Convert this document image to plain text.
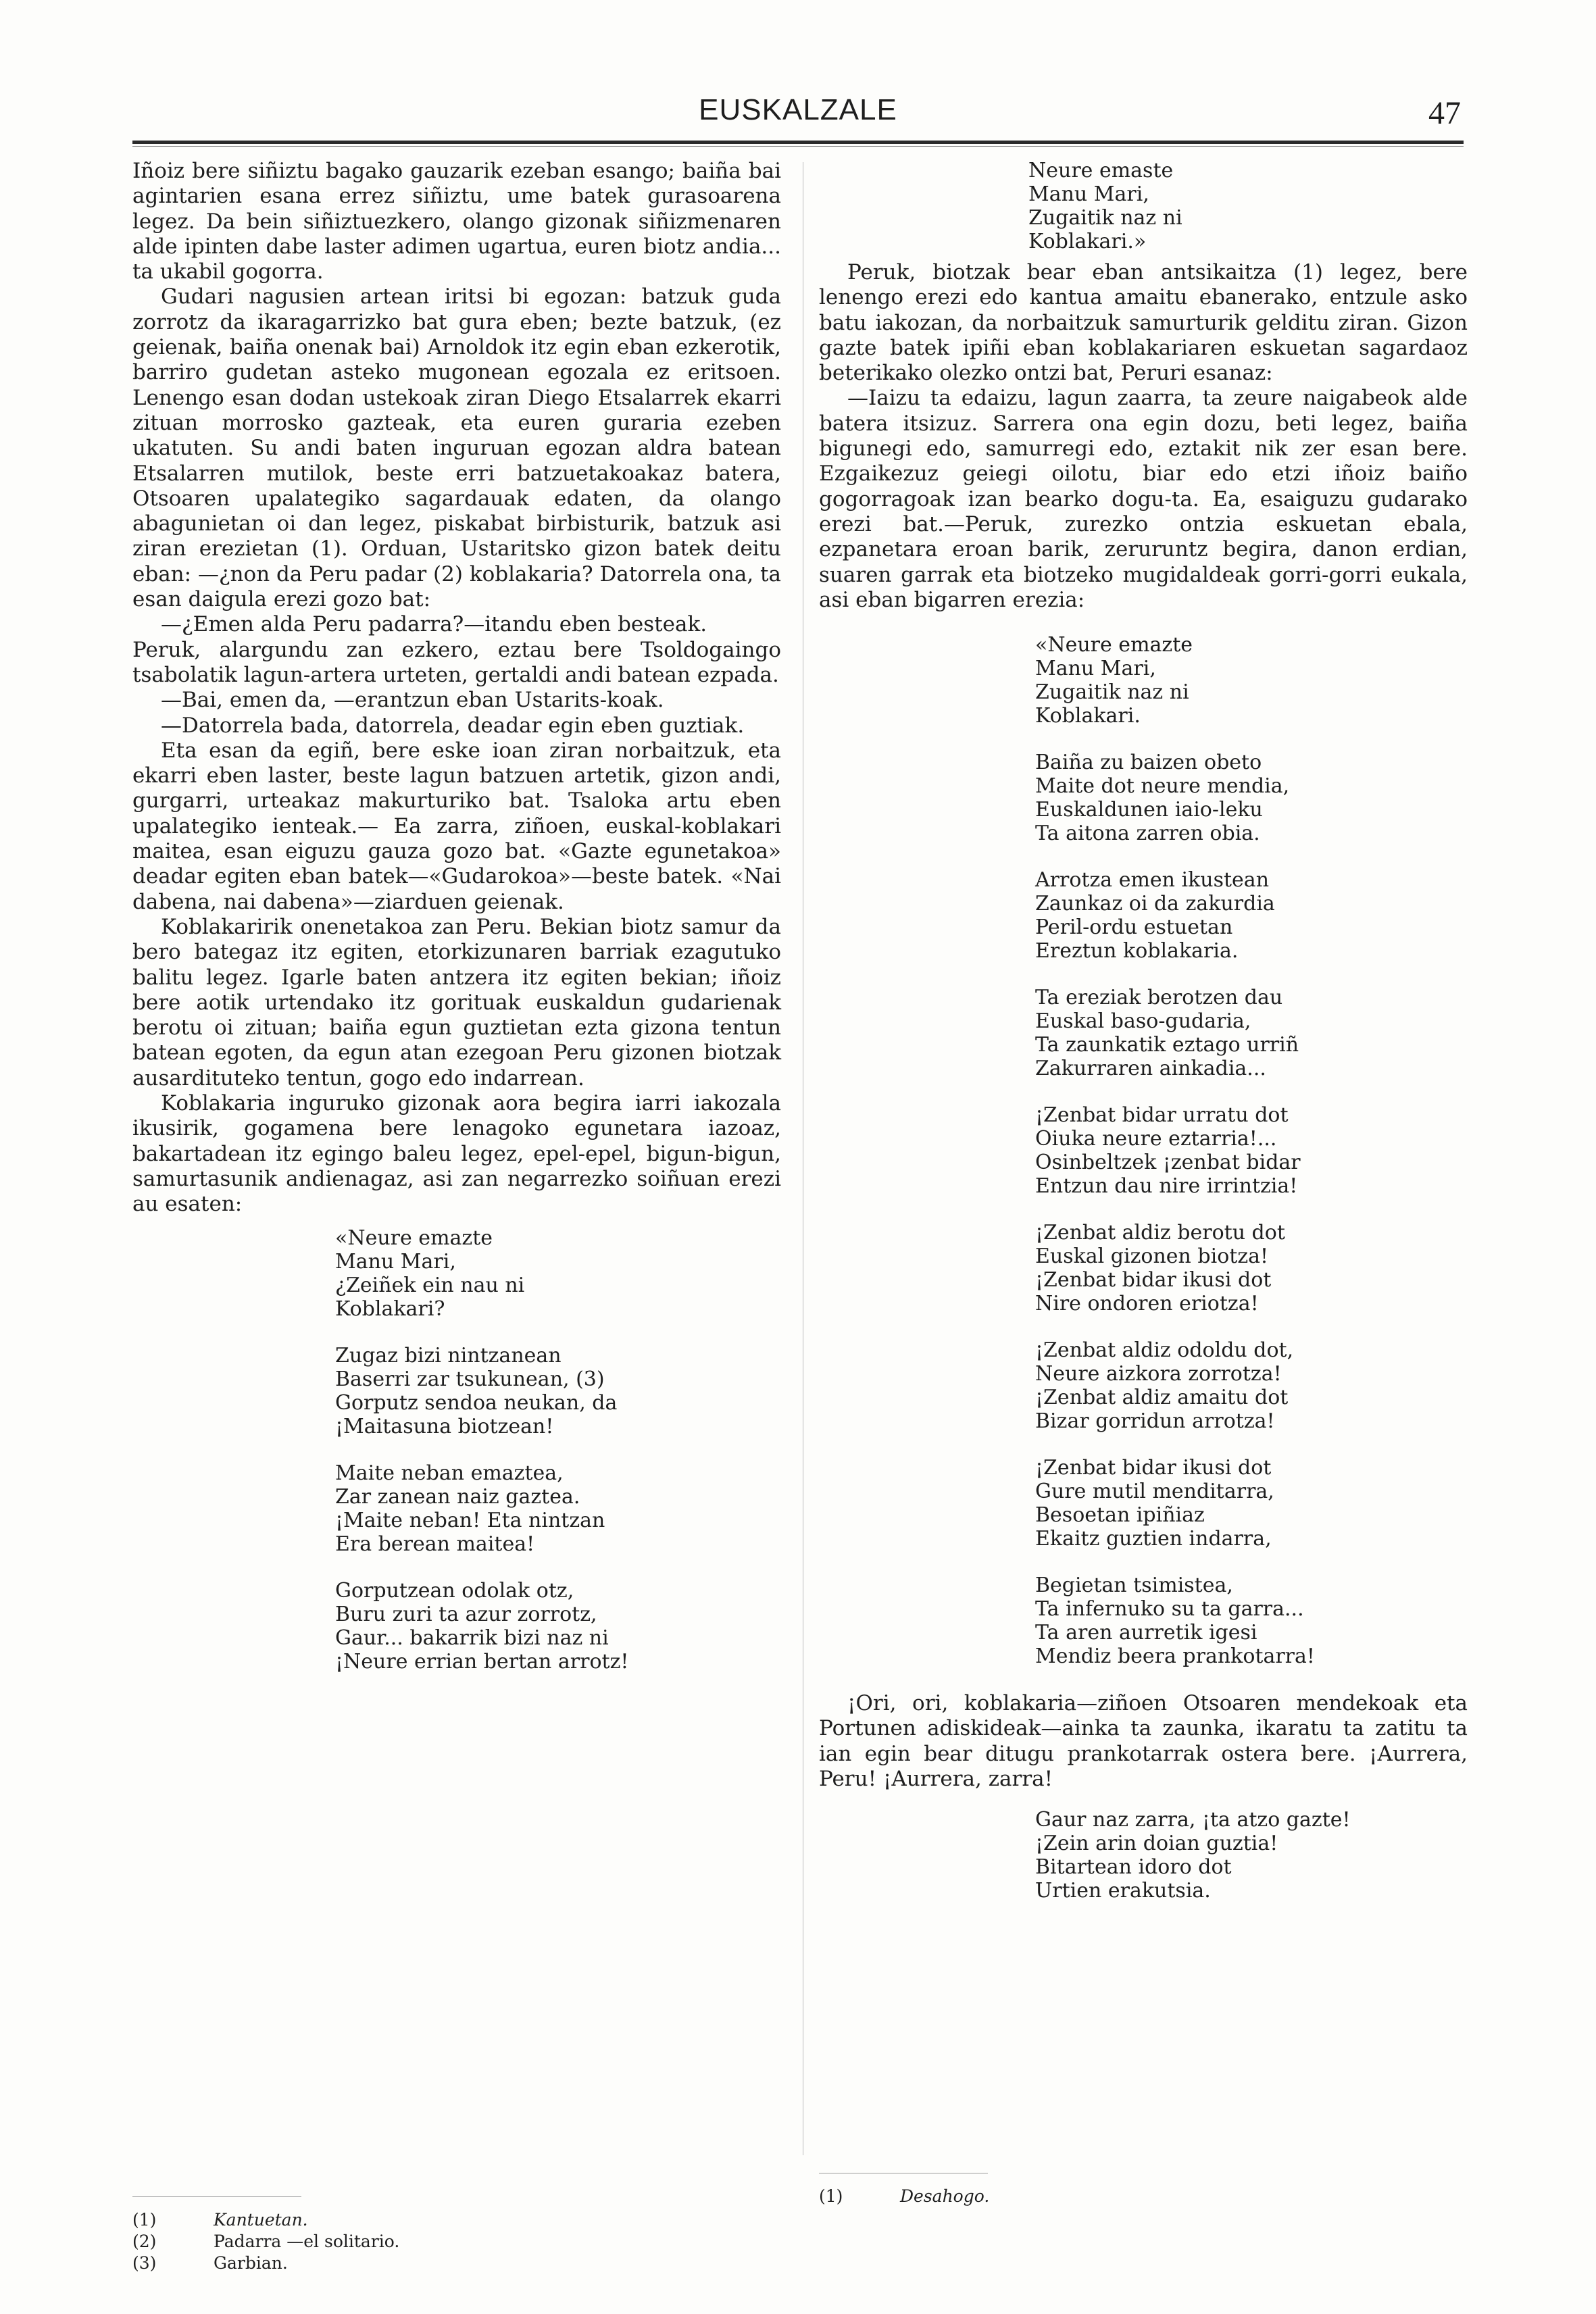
EUSKALZALE	47

Iñoiz bere siñiztu bagako gauzarik ezeban esango; baiña bai agintarien esana errez siñiztu, ume batek gurasoarena legez. Da bein siñiztuezkero, olango gizonak siñizmenaren alde ipinten dabe laster adimen ugartua, euren biotz andia... ta ukabil gogorra.

Gudari nagusien artean iritsi bi egozan: batzuk guda zorrotz da ikaragarrizko bat gura eben; bezte batzuk, (ez geienak, baiña onenak bai) Arnoldok itz egin eban ezkerotik, barriro gudetan asteko mugonean egozala ez eritsoen. Lenengo esan dodan ustekoak ziran Diego Etsalarrek ekarri zituan morrosko gazteak, eta euren guraria ezeben ukatuten. Su andi baten inguruan egozan aldra batean Etsalarren mutilok, beste erri batzuetakoakaz batera, Otsoaren upalategiko sagardauak edaten, da olango abagunietan oi dan legez, piskabat birbisturik, batzuk asi ziran erezietan (1). Orduan, Ustaritsko gizon batek deitu eban: —¿non da Peru padar (2) koblakaria? Datorrela ona, ta esan daigula erezi gozo bat:

—¿Emen alda Peru padarra?—itandu eben besteak.

Peruk, alargundu zan ezkero, eztau bere Tsoldogaingo tsabolatik lagun-artera urteten, gertaldi andi batean ezpada.

—Bai, emen da, —erantzun eban Ustarits-koak.

—Datorrela bada, datorrela, deadar egin eben guztiak.

Eta esan da egiñ, bere eske ioan ziran norbaitzuk, eta ekarri eben laster, beste lagun batzuen artetik, gizon andi, gurgarri, urteakaz makurturiko bat. Tsaloka artu eben upalategiko ienteak.— Ea zarra, ziñoen, euskal-koblakari maitea, esan eiguzu gauza gozo bat. «Gazte egunetakoa» deadar egiten eban batek—«Gudarokoa»—beste batek. «Nai dabena, nai dabena»—ziarduen geienak.

Koblakaririk onenetakoa zan Peru. Bekian biotz samur da bero bategaz itz egiten, etorkizunaren barriak ezagutuko balitu legez. Igarle baten antzera itz egiten bekian; iñoiz bere aotik urtendako itz gorituak euskaldun gudarienak berotu oi zituan; baiña egun guztietan ezta gizona tentun batean egoten, da egun atan ezegoan Peru gizonen biotzak ausardituteko tentun, gogo edo indarrean.

Koblakaria inguruko gizonak aora begira iarri iakozala ikusirik, gogamena bere lenagoko egunetara iazoaz, bakartadean itz egingo baleu legez, epel-epel, bigun-bigun, samurtasunik andienagaz, asi zan negarrezko soiñuan erezi au esaten:

«Neure emazte
Manu Mari,
¿Zeiñek ein nau ni
Koblakari?
Zugaz bizi nintzanean
Baserri zar tsukunean, (3)
Gorputz sendoa neukan, da
¡Maitasuna biotzean!
Maite neban emaztea,
Zar zanean naiz gaztea.
¡Maite neban! Eta nintzan
Era berean maitea!
Gorputzean odolak otz,
Buru zuri ta azur zorrotz,
Gaur... bakarrik bizi naz ni
¡Neure errian bertan arrotz!
(1)	Kantuetan.
(2)	Padarra —el solitario.
(3)	Garbian.
Neure emaste
Manu Mari,
Zugaitik naz ni
Koblakari.»

Peruk, biotzak bear eban antsikaitza (1) legez, bere lenengo erezi edo kantua amaitu ebanerako, entzule asko batu iakozan, da norbaitzuk samurturik gelditu ziran. Gizon gazte batek ipiñi eban koblakariaren eskuetan sagardaoz beterikako olezko ontzi bat, Peruri esanaz:

—Iaizu ta edaizu, lagun zaarra, ta zeure naigabeok alde batera itsizuz. Sarrera ona egin dozu, beti legez, baiña bigunegi edo, samurregi edo, eztakit nik zer esan bere. Ezgaikezuz geiegi oilotu, biar edo etzi iñoiz baiño gogorragoak izan bearko dogu-ta. Ea, esaiguzu gudarako erezi bat.—Peruk, zurezko ontzia eskuetan ebala, ezpanetara eroan barik, zeruruntz begira, danon erdian, suaren garrak eta biotzeko mugidaldeak gorri-gorri eukala, asi eban bigarren erezia:

«Neure emazte
Manu Mari,
Zugaitik naz ni
Koblakari.
Baiña zu baizen obeto
Maite dot neure mendia,
Euskaldunen iaio-leku
Ta aitona zarren obia.
Arrotza emen ikustean
Zaunkaz oi da zakurdia
Peril-ordu estuetan
Ereztun koblakaria.
Ta ereziak berotzen dau
Euskal baso-gudaria,
Ta zaunkatik eztago urriñ
Zakurraren ainkadia...
¡Zenbat bidar urratu dot
Oiuka neure eztarria!...
Osinbeltzek ¡zenbat bidar
Entzun dau nire irrintzia!
¡Zenbat aldiz berotu dot
Euskal gizonen biotza!
¡Zenbat bidar ikusi dot
Nire ondoren eriotza!
¡Zenbat aldiz odoldu dot,
Neure aizkora zorrotza!
¡Zenbat aldiz amaitu dot
Bizar gorridun arrotza!
¡Zenbat bidar ikusi dot
Gure mutil menditarra,
Besoetan ipiñiaz
Ekaitz guztien indarra,
Begietan tsimistea,
Ta infernuko su ta garra...
Ta aren aurretik igesi
Mendiz beera prankotarra!

¡Ori, ori, koblakaria—ziñoen Otsoaren mendekoak eta Portunen adiskideak—ainka ta zaunka, ikaratu ta zatitu ta ian egin bear ditugu prankotarrak ostera bere. ¡Aurrera, Peru! ¡Aurrera, zarra!

Gaur naz zarra, ¡ta atzo gazte!
¡Zein arin doian guztia!
Bitartean idoro dot
Urtien erakutsia.
(1)	Desahogo.
